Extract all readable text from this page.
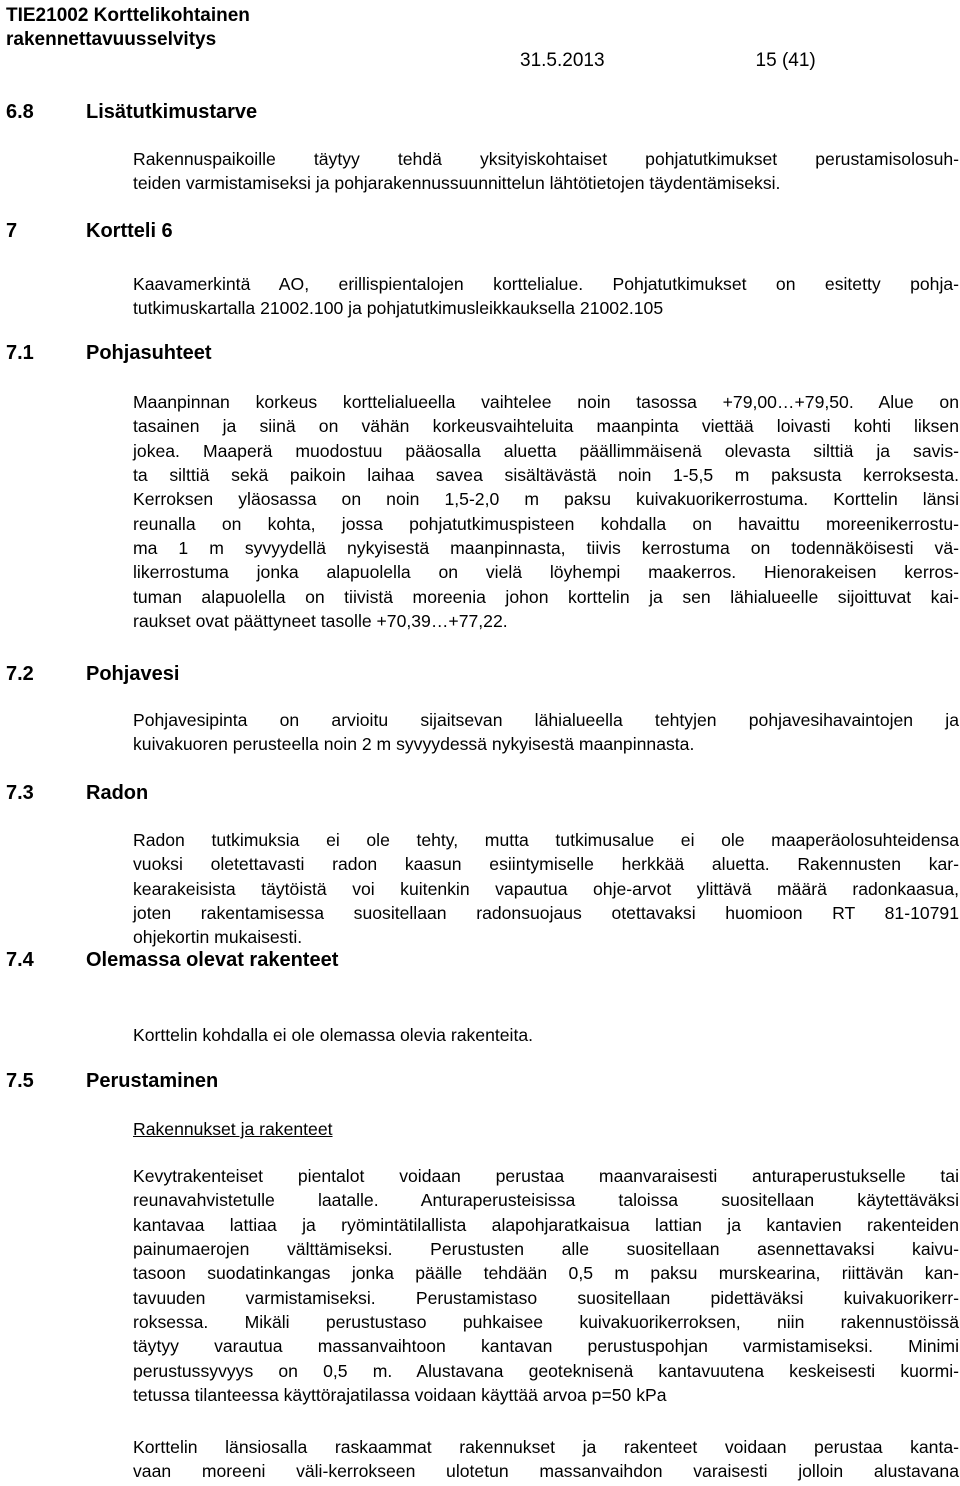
TIE21002 Korttelikohtainen
rakennettavuusselvitys
31.5.2013	15 (41)
6.8	Lisätutkimustarve

Rakennuspaikoille täytyy tehdä yksityiskohtaiset pohjatutkimukset perustamisolosuh-
teiden varmistamiseksi ja pohjarakennussuunnittelun lähtötietojen täydentämiseksi.

7	Kortteli 6

Kaavamerkintä AO, erillispientalojen korttelialue. Pohjatutkimukset on esitetty pohja-
tutkimuskartalla 21002.100 ja pohjatutkimusleikkauksella 21002.105

7.1	Pohjasuhteet

Maanpinnan korkeus korttelialueella vaihtelee noin tasossa +79,00…+79,50. Alue on
tasainen ja siinä on vähän korkeusvaihteluita maanpinta viettää loivasti kohti liksen
jokea. Maaperä muodostuu pääosalla aluetta päällimmäisenä olevasta silttiä ja savis-
ta silttiä sekä paikoin laihaa savea sisältävästä noin 1-5,5 m paksusta kerroksesta.
Kerroksen yläosassa on noin 1,5-2,0 m paksu kuivakuorikerrostuma. Korttelin länsi
reunalla on kohta, jossa pohjatutkimuspisteen kohdalla on havaittu moreenikerrostu-
ma 1 m syvyydellä nykyisestä maanpinnasta, tiivis kerrostuma on todennäköisesti vä-
likerrostuma jonka alapuolella on vielä löyhempi maakerros. Hienorakeisen kerros-
tuman alapuolella on tiivistä moreenia johon korttelin ja sen lähialueelle sijoittuvat kai-
raukset ovat päättyneet tasolle +70,39…+77,22.

7.2	Pohjavesi

Pohjavesipinta on arvioitu sijaitsevan lähialueella tehtyjen pohjavesihavaintojen ja
kuivakuoren perusteella noin 2 m syvyydessä nykyisestä maanpinnasta.

7.3	Radon

Radon tutkimuksia ei ole tehty, mutta tutkimusalue ei ole maaperäolosuhteidensa
vuoksi oletettavasti radon kaasun esiintymiselle herkkää aluetta. Rakennusten kar-
kearakeisista täytöistä voi kuitenkin vapautua ohje-arvot ylittävä määrä radonkaasua,
joten rakentamisessa suositellaan radonsuojaus otettavaksi huomioon RT 81-10791
ohjekortin mukaisesti.

7.4	Olemassa olevat rakenteet

Korttelin kohdalla ei ole olemassa olevia rakenteita.

7.5	Perustaminen

Rakennukset ja rakenteet

Kevytrakenteiset pientalot voidaan perustaa maanvaraisesti anturaperustukselle tai
reunavahvistetulle laatalle. Anturaperusteisissa taloissa suositellaan käytettäväksi
kantavaa lattiaa ja ryömintätilallista alapohjaratkaisua lattian ja kantavien rakenteiden
painumaerojen välttämiseksi. Perustusten alle suositellaan asennettavaksi kaivu-
tasoon suodatinkangas jonka päälle tehdään 0,5 m paksu murskearina, riittävän kan-
tavuuden varmistamiseksi. Perustamistaso suositellaan pidettäväksi kuivakuorikerr-
roksessa. Mikäli perustustaso puhkaisee kuivakuorikerroksen, niin rakennustöissä
täytyy varautua massanvaihtoon kantavan perustuspohjan varmistamiseksi. Minimi
perustussyvyys on 0,5 m. Alustavana geoteknisenä kantavuutena keskeisesti kuormi-
tetussa tilanteessa käyttörajatilassa voidaan käyttää arvoa p=50 kPa

Korttelin länsiosalla raskaammat rakennukset ja rakenteet voidaan perustaa kanta-
vaan moreeni väli-kerrokseen ulotetun massanvaihdon varaisesti jolloin alustavana
